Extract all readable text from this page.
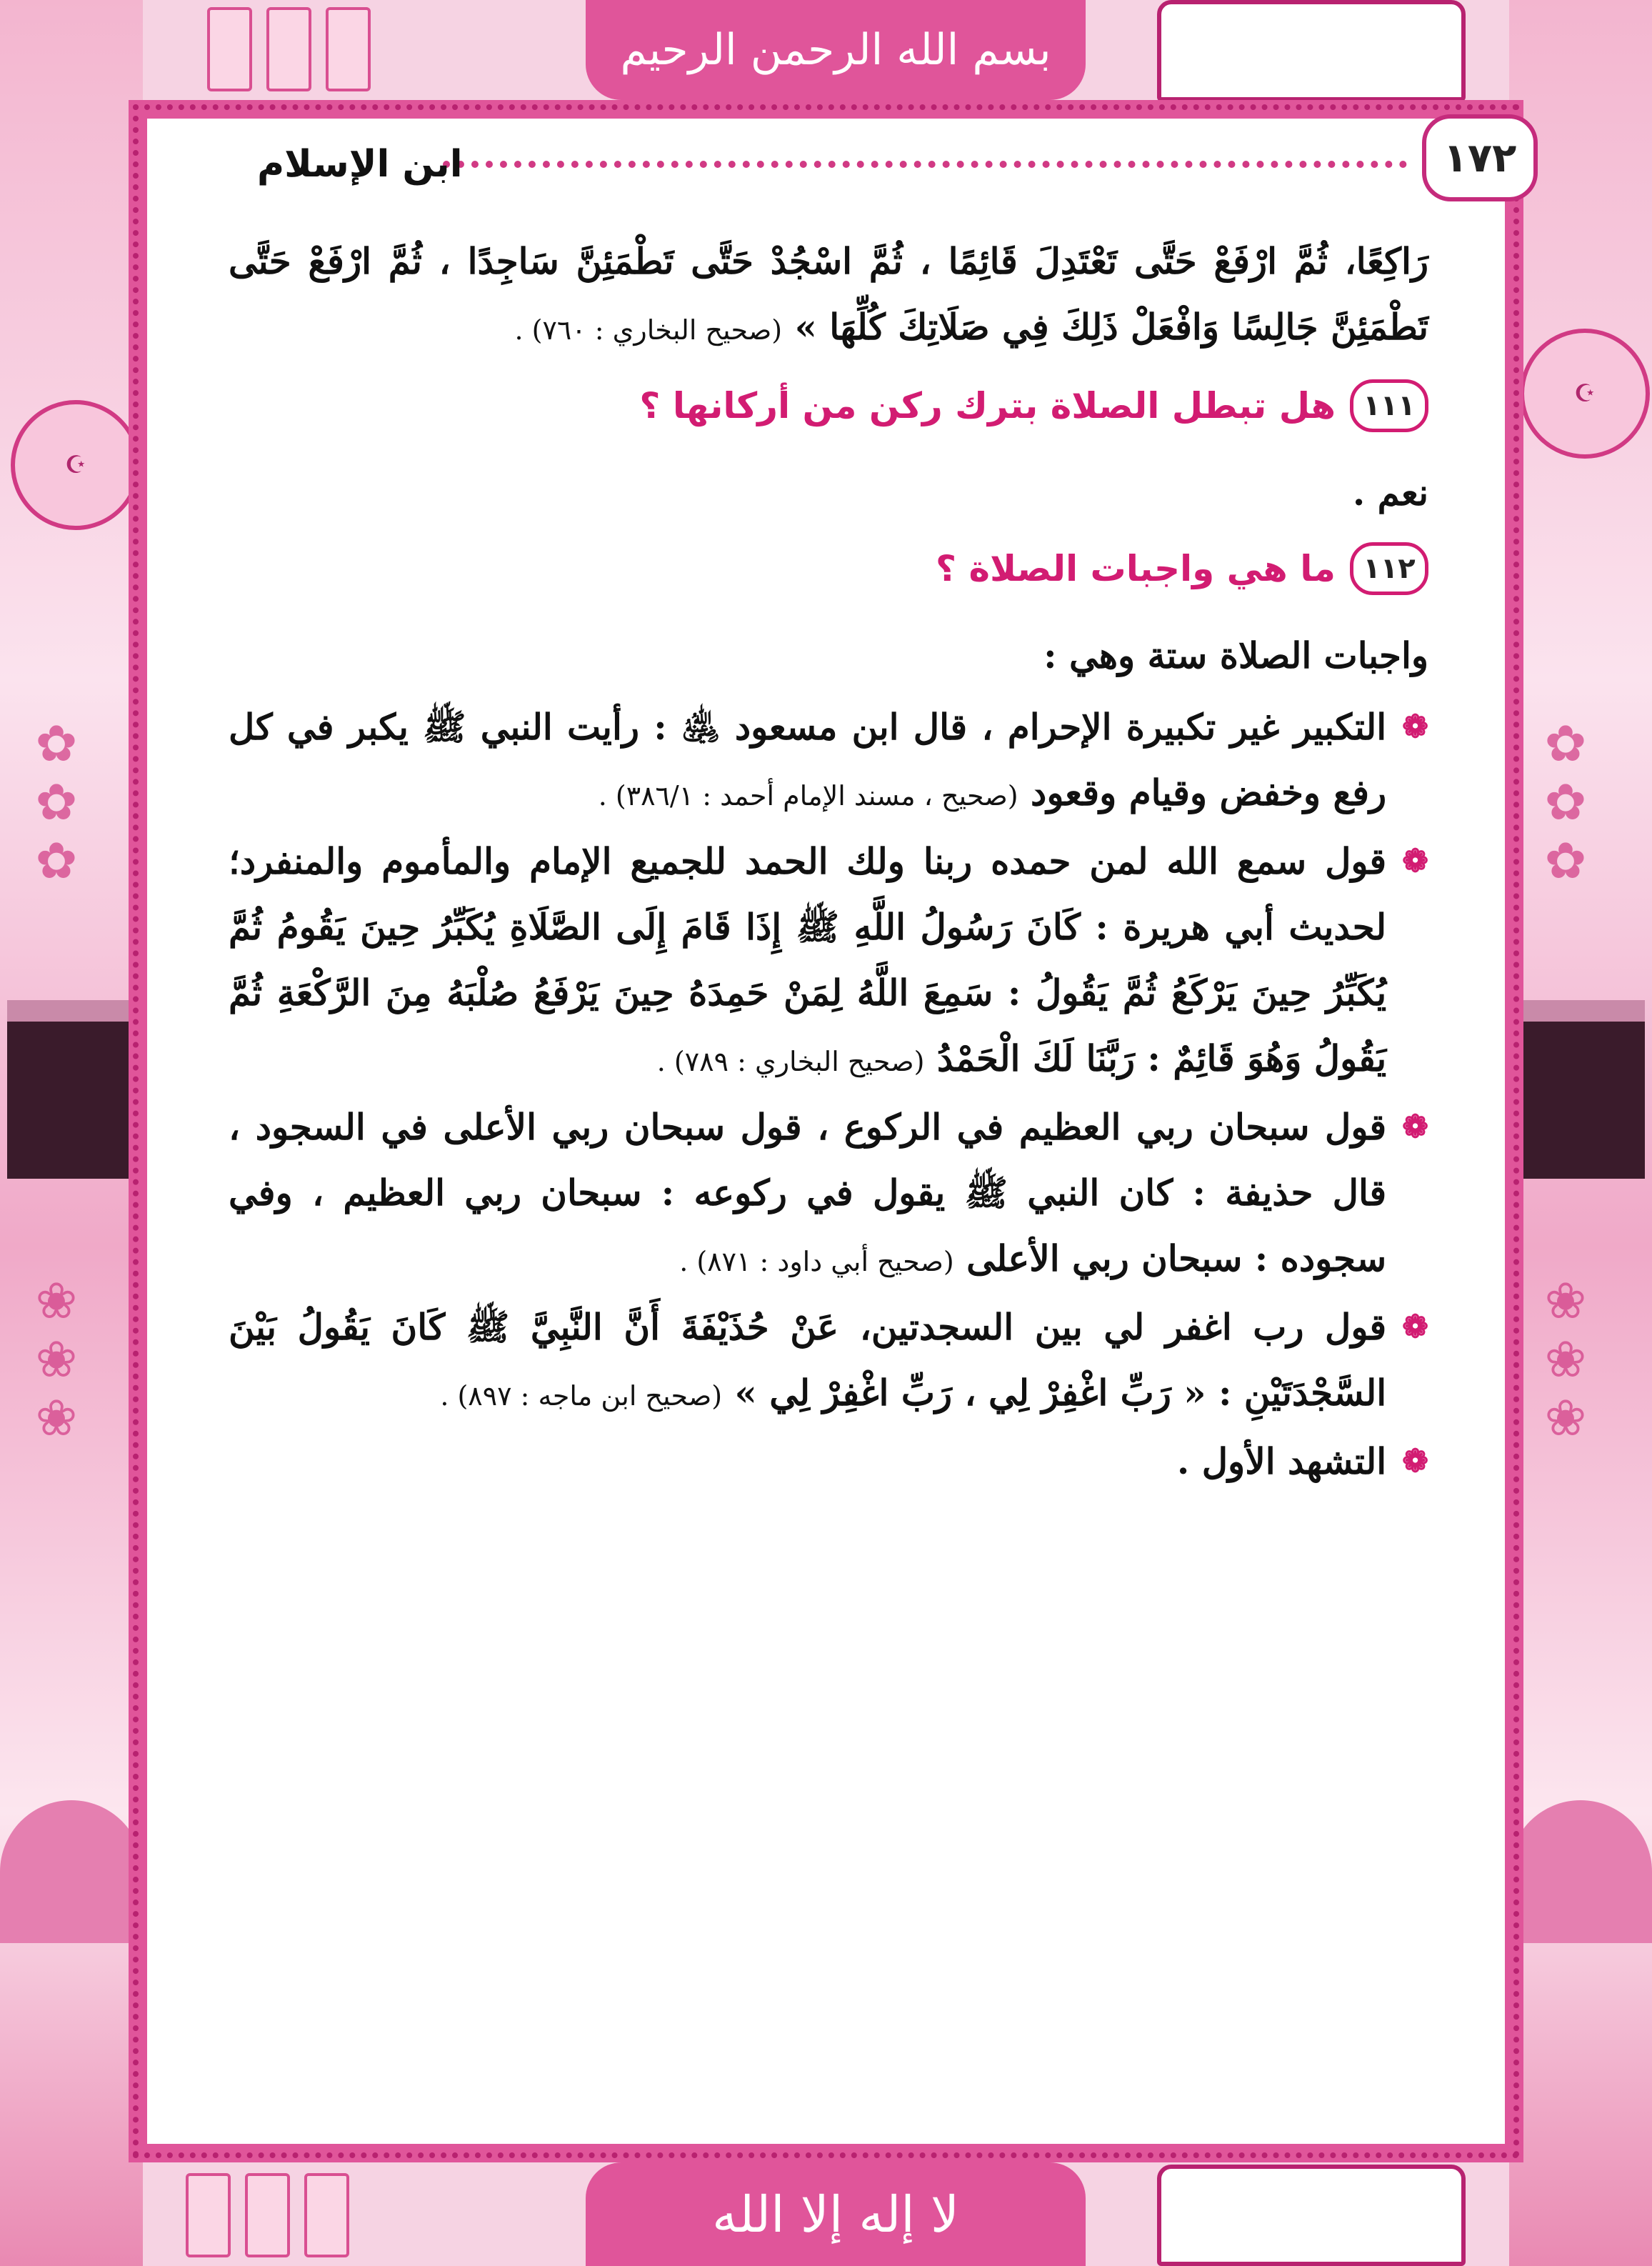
☪
✿✿✿
❀❀❀
☪
✿✿✿
❀❀❀
بسم الله الرحمن الرحيم
لا إله إلا الله
١٧٢
ابن الإسلام

رَاكِعًا، ثُمَّ ارْفَعْ حَتَّى تَعْتَدِلَ قَائِمًا ، ثُمَّ اسْجُدْ حَتَّى تَطْمَئِنَّ سَاجِدًا ، ثُمَّ ارْفَعْ حَتَّى تَطْمَئِنَّ جَالِسًا وَافْعَلْ ذَلِكَ فِي صَلَاتِكَ كُلِّهَا » (صحيح البخاري : ٧٦٠) .

١١١
هل تبطل الصلاة بترك ركن من أركانها ؟

نعم .

١١٢
ما هي واجبات الصلاة ؟

واجبات الصلاة ستة وهي :

❁

التكبير غير تكبيرة الإحرام ، قال ابن مسعود ﵁ : رأيت النبي ﷺ يكبر في كل رفع وخفض وقيام وقعود (صحيح ، مسند الإمام أحمد : ٣٨٦/١) .

❁

قول سمع الله لمن حمده ربنا ولك الحمد للجميع الإمام والمأموم والمنفرد؛ لحديث أبي هريرة : كَانَ رَسُولُ اللَّهِ ﷺ إِذَا قَامَ إِلَى الصَّلَاةِ يُكَبِّرُ حِينَ يَقُومُ ثُمَّ يُكَبِّرُ حِينَ يَرْكَعُ ثُمَّ يَقُولُ : سَمِعَ اللَّهُ لِمَنْ حَمِدَهُ حِينَ يَرْفَعُ صُلْبَهُ مِنَ الرَّكْعَةِ ثُمَّ يَقُولُ وَهُوَ قَائِمٌ : رَبَّنَا لَكَ الْحَمْدُ (صحيح البخاري : ٧٨٩) .

❁

قول سبحان ربي العظيم في الركوع ، قول سبحان ربي الأعلى في السجود ، قال حذيفة : كان النبي ﷺ يقول في ركوعه : سبحان ربي العظيم ، وفي سجوده : سبحان ربي الأعلى (صحيح أبي داود : ٨٧١) .

❁

قول رب اغفر لي بين السجدتين، عَنْ حُذَيْفَةَ أَنَّ النَّبِيَّ ﷺ كَانَ يَقُولُ بَيْنَ السَّجْدَتَيْنِ : « رَبِّ اغْفِرْ لِي ، رَبِّ اغْفِرْ لِي » (صحيح ابن ماجه : ٨٩٧) .

❁

التشهد الأول .
